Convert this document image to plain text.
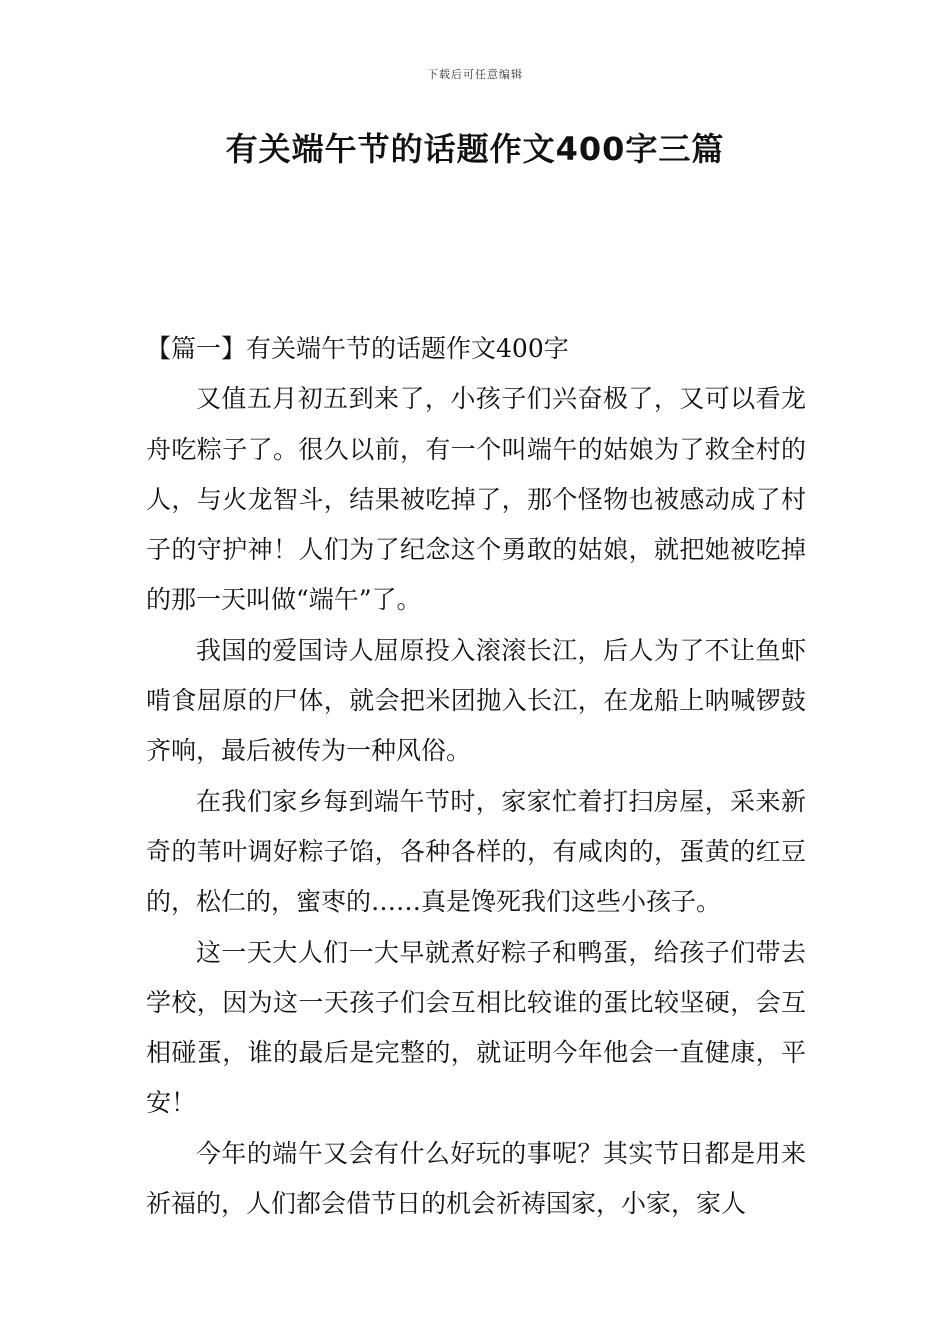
下载后可任意编辑
有关端午节的话题作文400字三篇

【篇一】有关端午节的话题作文400字

又值五月初五到来了，小孩子们兴奋极了，又可以看龙舟吃粽子了。很久以前，有一个叫端午的姑娘为了救全村的人，与火龙智斗，结果被吃掉了，那个怪物也被感动成了村子的守护神！人们为了纪念这个勇敢的姑娘，就把她被吃掉的那一天叫做“端午”了。

我国的爱国诗人屈原投入滚滚长江，后人为了不让鱼虾啃食屈原的尸体，就会把米团抛入长江，在龙船上呐喊锣鼓齐响，最后被传为一种风俗。

在我们家乡每到端午节时，家家忙着打扫房屋，采来新奇的苇叶调好粽子馅，各种各样的，有咸肉的，蛋黄的红豆的，松仁的，蜜枣的……真是馋死我们这些小孩子。

这一天大人们一大早就煮好粽子和鸭蛋，给孩子们带去学校，因为这一天孩子们会互相比较谁的蛋比较坚硬，会互相碰蛋，谁的最后是完整的，就证明今年他会一直健康，平安！

今年的端午又会有什么好玩的事呢？其实节日都是用来祈福的，人们都会借节日的机会祈祷国家，小家，家人
